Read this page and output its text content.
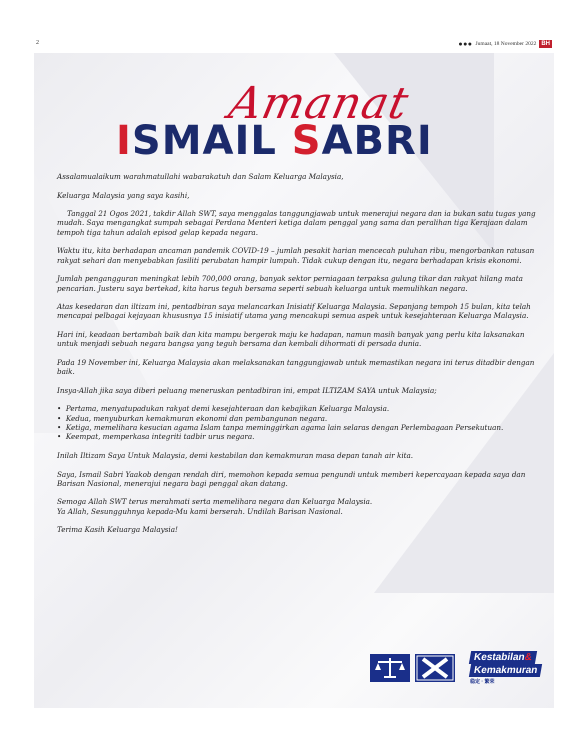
2	●●● Jumaat, 18 November 2022 BH
ISMAIL SABRI
Amanat

Assalamualaikum warahmatullahi wabarakatuh dan Salam Keluarga Malaysia,

Keluarga Malaysia yang saya kasihi,

Tanggal 21 Ogos 2021, takdir Allah SWT, saya menggalas tanggungjawab untuk menerajui negara dan ia bukan satu tugas yang mudah. Saya mengangkat sumpah sebagai Perdana Menteri ketiga dalam penggal yang sama dan peralihan tiga Kerajaan dalam tempoh tiga tahun adalah episod gelap kepada negara.

Waktu itu, kita berhadapan ancaman pandemik COVID-19 – jumlah pesakit harian mencecah puluhan ribu, mengorbankan ratusan rakyat sehari dan menyebabkan fasiliti perubatan hampir lumpuh. Tidak cukup dengan itu, negara berhadapan krisis ekonomi.

Jumlah pengangguran meningkat lebih 700,000 orang, banyak sektor perniagaan terpaksa gulung tikar dan rakyat hilang mata pencarian. Justeru saya bertekad, kita harus teguh bersama seperti sebuah keluarga untuk memulihkan negara.

Atas kesedaran dan iltizam ini, pentadbiran saya melancarkan Inisiatif Keluarga Malaysia. Sepanjang tempoh 15 bulan, kita telah mencapai pelbagai kejayaan khususnya 15 inisiatif utama yang mencakupi semua aspek untuk kesejahteraan Keluarga Malaysia.

Hari ini, keadaan bertambah baik dan kita mampu bergerak maju ke hadapan, namun masih banyak yang perlu kita laksanakan untuk menjadi sebuah negara bangsa yang teguh bersama dan kembali dihormati di persada dunia.

Pada 19 November ini, Keluarga Malaysia akan melaksanakan tanggungjawab untuk memastikan negara ini terus ditadbir dengan baik.

Insya-Allah jika saya diberi peluang meneruskan pentadbiran ini, empat ILTIZAM SAYA untuk Malaysia;

•  Pertama, menyatupadukan rakyat demi kesejahteraan dan kebajikan Keluarga Malaysia.
•  Kedua, menyuburkan kemakmuran ekonomi dan pembangunan negara.
•  Ketiga, memelihara kesucian agama Islam tanpa meminggirkan agama lain selaras dengan Perlembagaan Persekutuan.
•  Keempat, memperkasa integriti tadbir urus negara.

Inilah Iltizam Saya Untuk Malaysia, demi kestabilan dan kemakmuran masa depan tanah air kita.

Saya, Ismail Sabri Yaakob dengan rendah diri, memohon kepada semua pengundi untuk memberi kepercayaan kepada saya dan Barisan Nasional, menerajui negara bagi penggal akan datang.

Semoga Allah SWT terus merahmati serta memelihara negara dan Keluarga Malaysia.
Ya Allah, Sesungguhnya kepada-Mu kami berserah. Undilah Barisan Nasional.

Terima Kasih Keluarga Malaysia!

Kestabilan&
Kemakmuran
稳定 · 繁荣
